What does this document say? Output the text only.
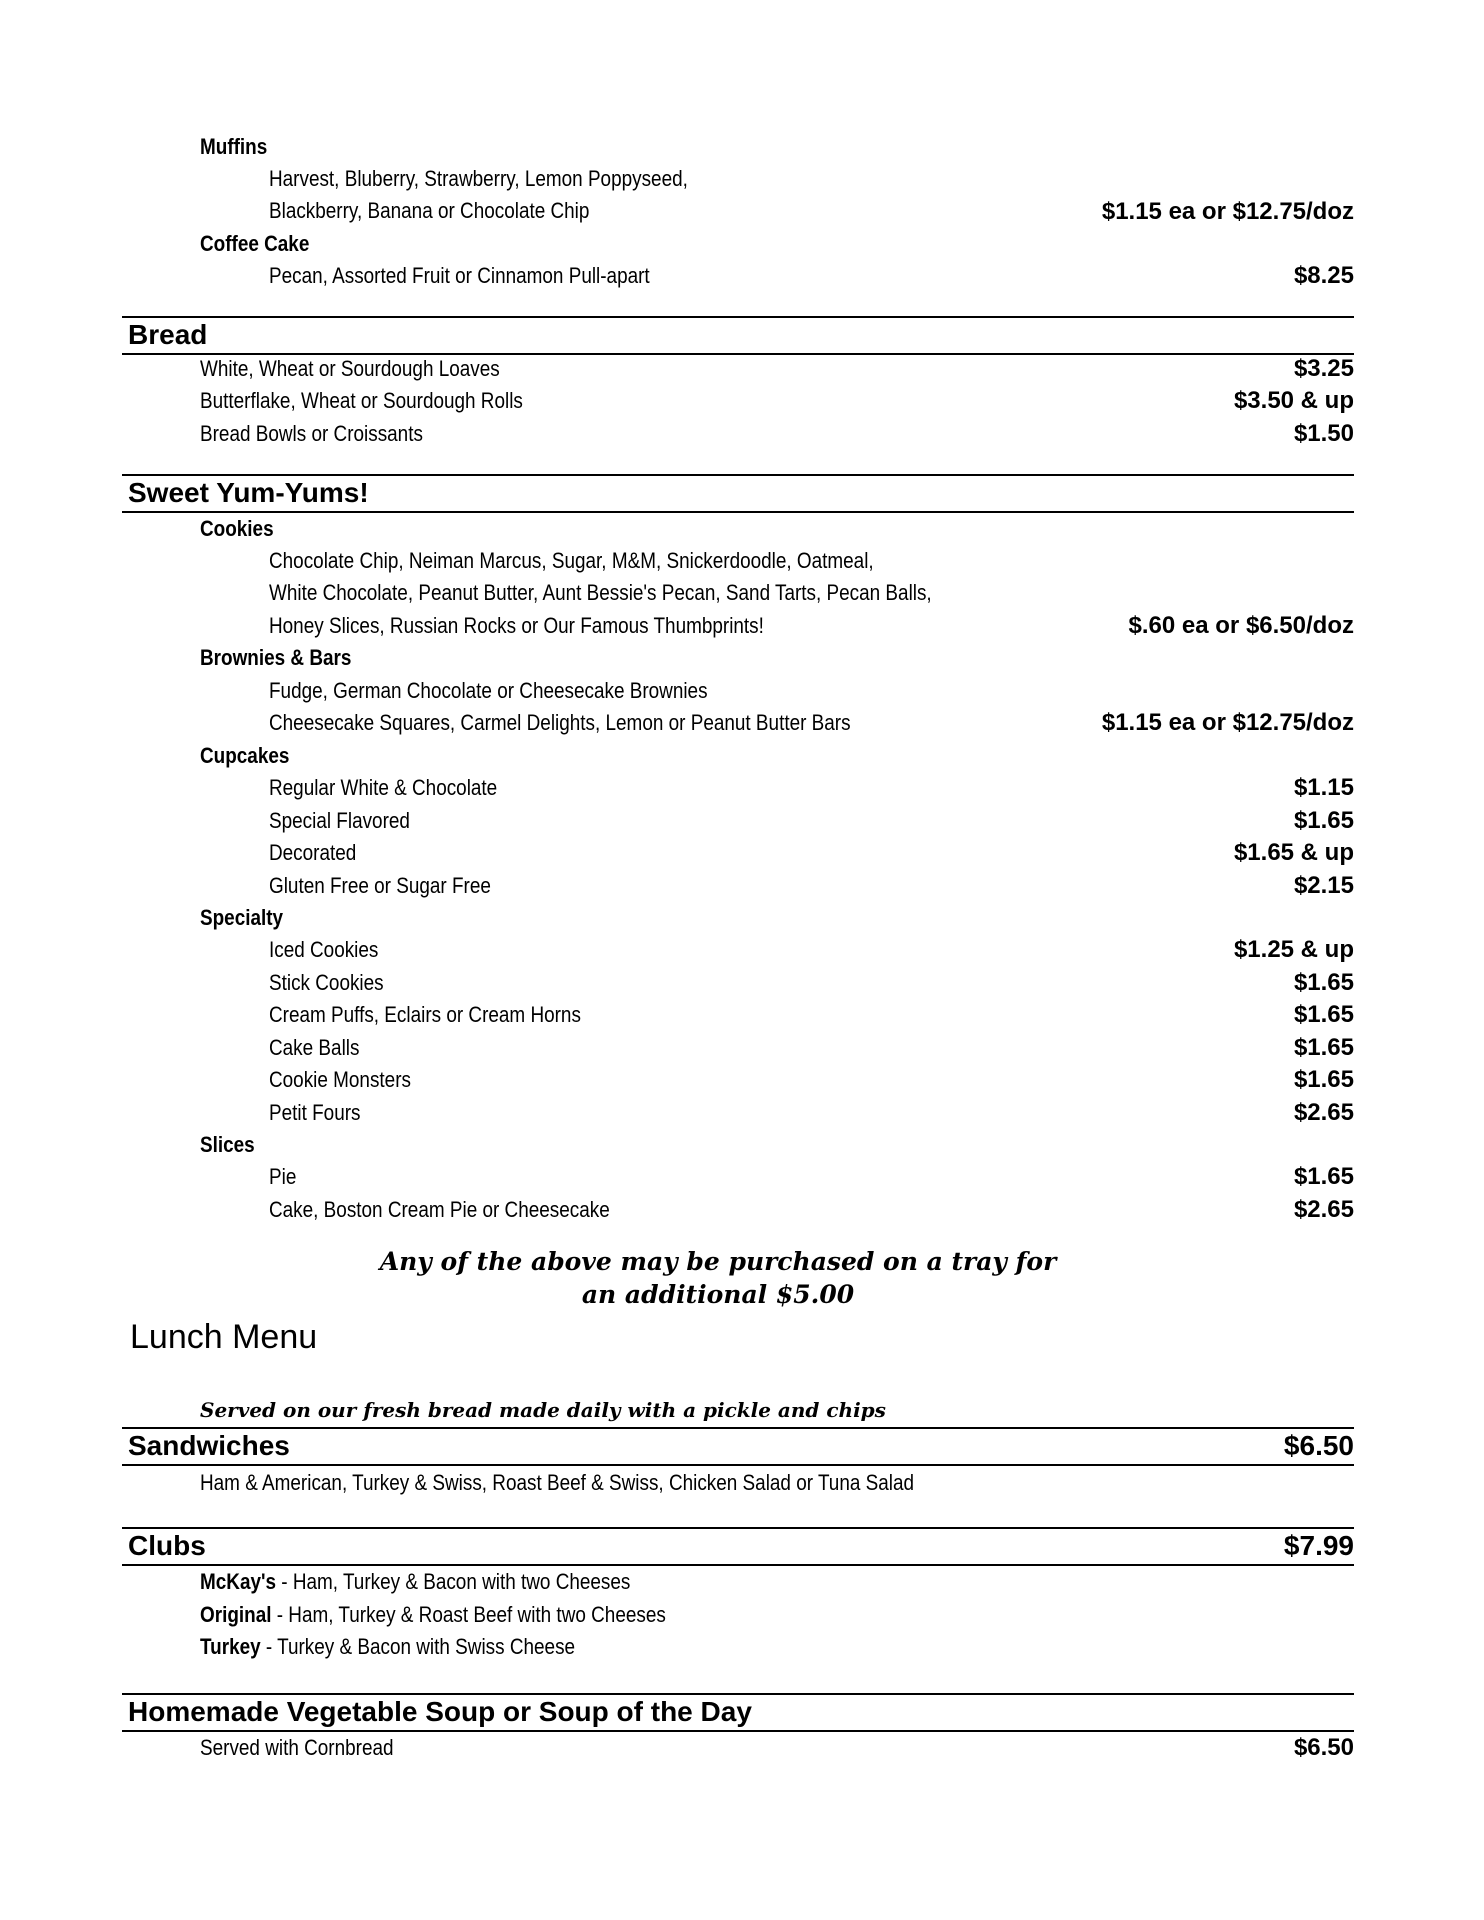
Muffins
Harvest, Bluberry, Strawberry, Lemon Poppyseed,
Blackberry, Banana or Chocolate Chip	$1.15 ea or $12.75/doz
Coffee Cake
Pecan, Assorted Fruit or Cinnamon Pull-apart	$8.25
Bread
White, Wheat or Sourdough Loaves	$3.25
Butterflake, Wheat or Sourdough Rolls	$3.50 & up
Bread Bowls or Croissants	$1.50
Sweet Yum-Yums!
Cookies
Chocolate Chip, Neiman Marcus, Sugar, M&M, Snickerdoodle, Oatmeal,
White Chocolate, Peanut Butter, Aunt Bessie's Pecan, Sand Tarts, Pecan Balls,
Honey Slices, Russian Rocks or Our Famous Thumbprints!	$.60 ea or $6.50/doz
Brownies & Bars
Fudge, German Chocolate or Cheesecake Brownies
Cheesecake Squares, Carmel Delights, Lemon or Peanut Butter Bars	$1.15 ea or $12.75/doz
Cupcakes
Regular White & Chocolate	$1.15
Special Flavored	$1.65
Decorated	$1.65 & up
Gluten Free or Sugar Free	$2.15
Specialty
Iced Cookies	$1.25 & up
Stick Cookies	$1.65
Cream Puffs, Eclairs or Cream Horns	$1.65
Cake Balls	$1.65
Cookie Monsters	$1.65
Petit Fours	$2.65
Slices
Pie	$1.65
Cake, Boston Cream Pie or Cheesecake	$2.65
Any of the above may be purchased on a tray for
an additional $5.00
Lunch Menu
Served on our fresh bread made daily with a pickle and chips
Sandwiches	$6.50
Ham & American, Turkey & Swiss, Roast Beef & Swiss, Chicken Salad or Tuna Salad
Clubs	$7.99
McKay's - Ham, Turkey & Bacon with two Cheeses
Original - Ham, Turkey & Roast Beef with two Cheeses
Turkey - Turkey & Bacon with Swiss Cheese
Homemade Vegetable Soup or Soup of the Day
Served with Cornbread	$6.50
